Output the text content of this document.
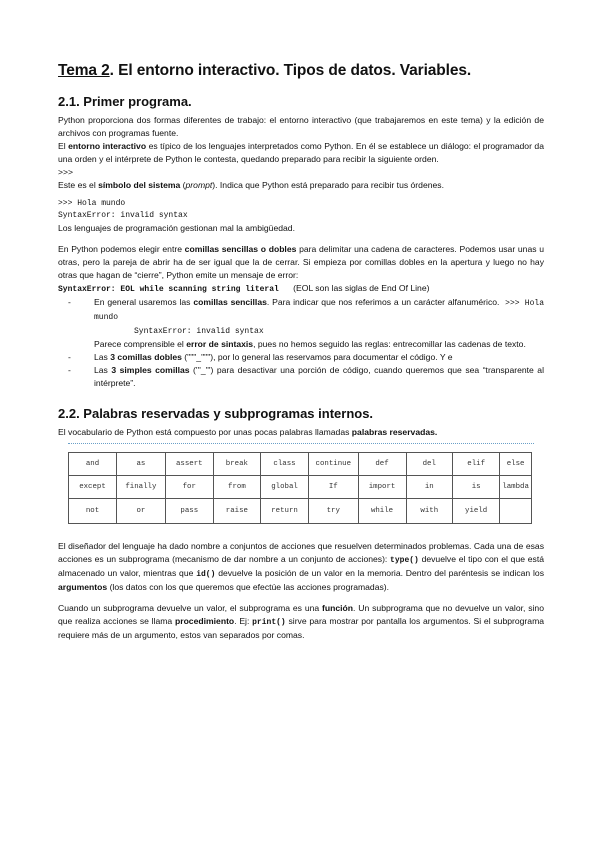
Tema 2. El entorno interactivo. Tipos de datos. Variables.
2.1. Primer programa.

Python proporciona dos formas diferentes de trabajo: el entorno interactivo (que trabajaremos en este tema) y la edición de archivos con programas fuente.

El entorno interactivo es típico de los lenguajes interpretados como Python. En él se establece un diálogo: el programador da una orden y el intérprete de Python le contesta, quedando preparado para recibir la siguiente orden.

>>>

Este es el símbolo del sistema (prompt). Indica que Python está preparado para recibir tus órdenes.

>>> Hola mundo

SyntaxError: invalid syntax

Los lenguajes de programación gestionan mal la ambigüedad.

En Python podemos elegir entre comillas sencillas o dobles para delimitar una cadena de caracteres. Podemos usar unas u otras, pero la pareja de abrir ha de ser igual que la de cerrar. Si empieza por comillas dobles en la apertura y luego no hay otras que hagan de “cierre”, Python emite un mensaje de error:
SyntaxError: EOL while scanning string literal (EOL son las siglas de End Of Line)

-	En general usaremos las comillas sencillas. Para indicar que nos referimos a un carácter alfanumérico. >>> Hola mundo
SyntaxError: invalid syntax
Parece comprensible el error de sintaxis, pues no hemos seguido las reglas: entrecomillar las cadenas de texto.
-	Las 3 comillas dobles ("""_"""), por lo general las reservamos para documentar el código. Y e
-	Las 3 simples comillas ('''_''') para desactivar una porción de código, cuando queremos que sea “transparente al intérprete”.
2.2. Palabras reservadas y subprogramas internos.

El vocabulario de Python está compuesto por unas pocas palabras llamadas palabras reservadas.

and	as	assert	break	class	continue	def	del	elif	else
except	finally	for	from	global	If	import	in	is	lambda
not	or	pass	raise	return	try	while	with	yield	

El diseñador del lenguaje ha dado nombre a conjuntos de acciones que resuelven determinados problemas. Cada una de esas acciones es un subprograma (mecanismo de dar nombre a un conjunto de acciones): type() devuelve el tipo con el que está almacenado un valor, mientras que id() devuelve la posición de un valor en la memoria. Dentro del paréntesis se indican los argumentos (los datos con los que queremos que efectúe las acciones programadas).

Cuando un subprograma devuelve un valor, el subprograma es una función. Un subprograma que no devuelve un valor, sino que realiza acciones se llama procedimiento. Ej: print() sirve para mostrar por pantalla los argumentos. Si el subprograma requiere más de un argumento, estos van separados por comas.
